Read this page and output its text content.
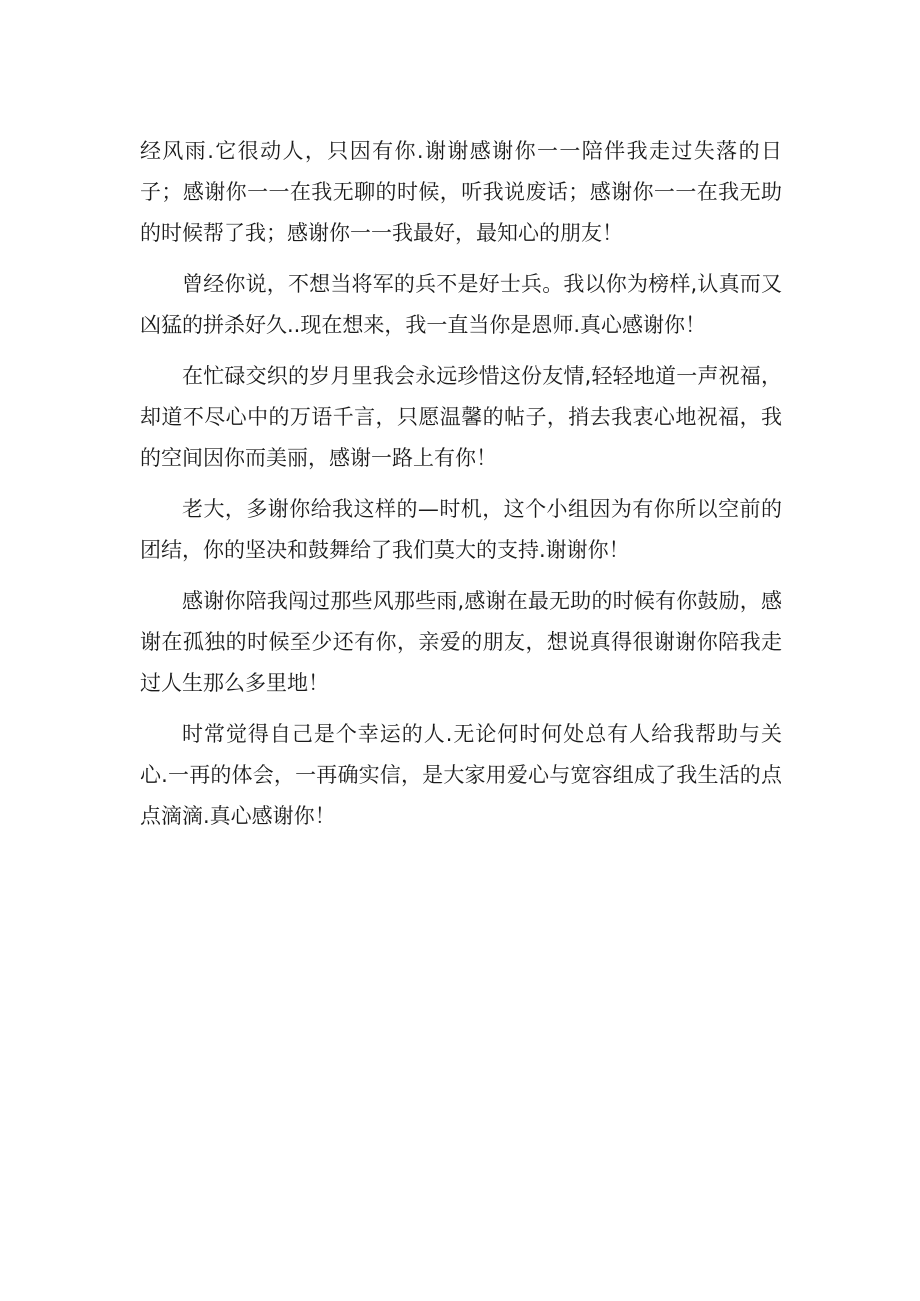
经风雨.它很动人，只因有你.谢谢感谢你一一陪伴我走过失落的日子；感谢你一一在我无聊的时候，听我说废话；感谢你一一在我无助的时候帮了我；感谢你一一我最好，最知心的朋友！

曾经你说，不想当将军的兵不是好士兵。我以你为榜样,认真而又凶猛的拼杀好久..现在想来，我一直当你是恩师.真心感谢你！

在忙碌交织的岁月里我会永远珍惜这份友情,轻轻地道一声祝福，却道不尽心中的万语千言，只愿温馨的帖子，捎去我衷心地祝福，我的空间因你而美丽，感谢一路上有你！

老大，多谢你给我这样的—时机，这个小组因为有你所以空前的团结，你的坚决和鼓舞给了我们莫大的支持.谢谢你！

感谢你陪我闯过那些风那些雨,感谢在最无助的时候有你鼓励，感谢在孤独的时候至少还有你，亲爱的朋友，想说真得很谢谢你陪我走过人生那么多里地！

时常觉得自己是个幸运的人.无论何时何处总有人给我帮助与关心.一再的体会，一再确实信，是大家用爱心与宽容组成了我生活的点点滴滴.真心感谢你！
